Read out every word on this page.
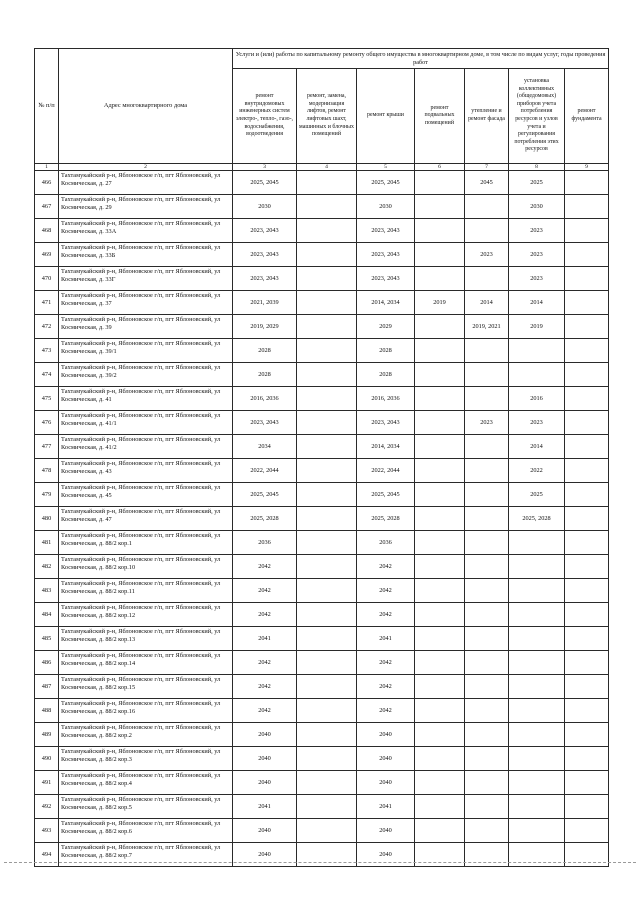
№ п/п	Адрес многоквартирного дома	Услуги и (или) работы по капитальному ремонту общего имущества в многоквартирном доме, в том числе по видам услуг, годы проведения работ						
		ремонт внутридомовых инженерных систем электро-, тепло-, газо-, водоснабжения, водоотведения	ремонт, замена, модернизация лифтов, ремонт лифтовых шахт, машинных и блочных помещений	ремонт крыши	ремонт подвальных помещений	утепление и ремонт фасада	установка коллективных (общедомовых) приборов учета потребления ресурсов и узлов учета и регулирования потребления этих ресурсов	ремонт фундамента
1	2	3	4	5	6	7	8	9
466	Тахтамукайский р-н, Яблоновское г/п, пгт Яблоновский, ул Космическая, д. 27	2025, 2045		2025, 2045		2045	2025	
467	Тахтамукайский р-н, Яблоновское г/п, пгт Яблоновский, ул Космическая, д. 29	2030		2030			2030	
468	Тахтамукайский р-н, Яблоновское г/п, пгт Яблоновский, ул Космическая, д. 33А	2023, 2043		2023, 2043			2023	
469	Тахтамукайский р-н, Яблоновское г/п, пгт Яблоновский, ул Космическая, д. 33Б	2023, 2043		2023, 2043		2023	2023	
470	Тахтамукайский р-н, Яблоновское г/п, пгт Яблоновский, ул Космическая, д. 33Г	2023, 2043		2023, 2043			2023	
471	Тахтамукайский р-н, Яблоновское г/п, пгт Яблоновский, ул Космическая, д. 37	2021, 2039		2014, 2034	2019	2014	2014	
472	Тахтамукайский р-н, Яблоновское г/п, пгт Яблоновский, ул Космическая, д. 39	2019, 2029		2029		2019, 2021	2019	
473	Тахтамукайский р-н, Яблоновское г/п, пгт Яблоновский, ул Космическая, д. 39/1	2028		2028				
474	Тахтамукайский р-н, Яблоновское г/п, пгт Яблоновский, ул Космическая, д. 39/2	2028		2028				
475	Тахтамукайский р-н, Яблоновское г/п, пгт Яблоновский, ул Космическая, д. 41	2016, 2036		2016, 2036			2016	
476	Тахтамукайский р-н, Яблоновское г/п, пгт Яблоновский, ул Космическая, д. 41/1	2023, 2043		2023, 2043		2023	2023	
477	Тахтамукайский р-н, Яблоновское г/п, пгт Яблоновский, ул Космическая, д. 41/2	2034		2014, 2034			2014	
478	Тахтамукайский р-н, Яблоновское г/п, пгт Яблоновский, ул Космическая, д. 43	2022, 2044		2022, 2044			2022	
479	Тахтамукайский р-н, Яблоновское г/п, пгт Яблоновский, ул Космическая, д. 45	2025, 2045		2025, 2045			2025	
480	Тахтамукайский р-н, Яблоновское г/п, пгт Яблоновский, ул Космическая, д. 47	2025, 2028		2025, 2028			2025, 2028	
481	Тахтамукайский р-н, Яблоновское г/п, пгт Яблоновский, ул Космическая, д. 88/2 кор.1	2036		2036				
482	Тахтамукайский р-н, Яблоновское г/п, пгт Яблоновский, ул Космическая, д. 88/2 кор.10	2042		2042				
483	Тахтамукайский р-н, Яблоновское г/п, пгт Яблоновский, ул Космическая, д. 88/2 кор.11	2042		2042				
484	Тахтамукайский р-н, Яблоновское г/п, пгт Яблоновский, ул Космическая, д. 88/2 кор.12	2042		2042				
485	Тахтамукайский р-н, Яблоновское г/п, пгт Яблоновский, ул Космическая, д. 88/2 кор.13	2041		2041				
486	Тахтамукайский р-н, Яблоновское г/п, пгт Яблоновский, ул Космическая, д. 88/2 кор.14	2042		2042				
487	Тахтамукайский р-н, Яблоновское г/п, пгт Яблоновский, ул Космическая, д. 88/2 кор.15	2042		2042				
488	Тахтамукайский р-н, Яблоновское г/п, пгт Яблоновский, ул Космическая, д. 88/2 кор.16	2042		2042				
489	Тахтамукайский р-н, Яблоновское г/п, пгт Яблоновский, ул Космическая, д. 88/2 кор.2	2040		2040				
490	Тахтамукайский р-н, Яблоновское г/п, пгт Яблоновский, ул Космическая, д. 88/2 кор.3	2040		2040				
491	Тахтамукайский р-н, Яблоновское г/п, пгт Яблоновский, ул Космическая, д. 88/2 кор.4	2040		2040				
492	Тахтамукайский р-н, Яблоновское г/п, пгт Яблоновский, ул Космическая, д. 88/2 кор.5	2041		2041				
493	Тахтамукайский р-н, Яблоновское г/п, пгт Яблоновский, ул Космическая, д. 88/2 кор.6	2040		2040				
494	Тахтамукайский р-н, Яблоновское г/п, пгт Яблоновский, ул Космическая, д. 88/2 кор.7	2040		2040				
